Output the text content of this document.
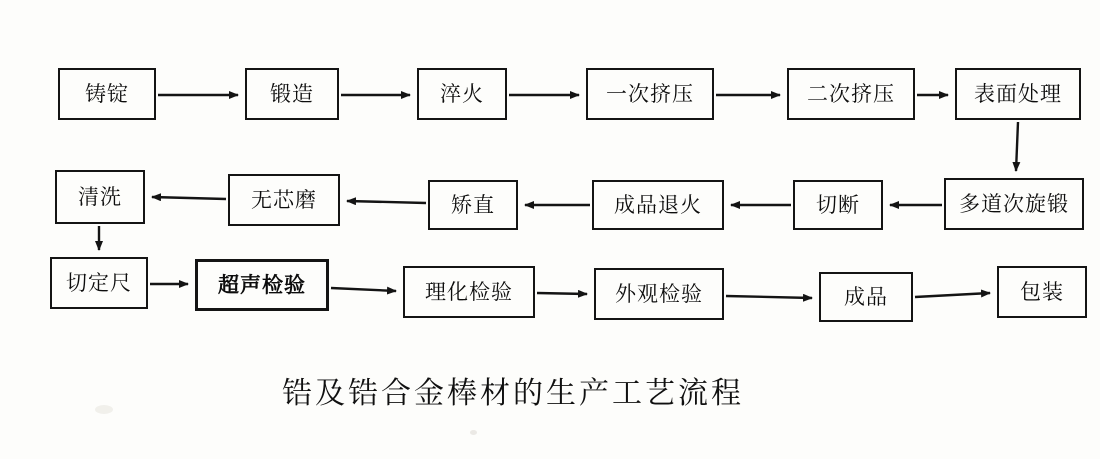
铸锭	锻造	淬火	一次挤压	二次挤压	表面处理
多道次旋锻
切断
成品退火
矫直
无芯磨
清洗
切定尺	超声检验	理化检验	外观检验	成品	包装
锆及锆合金棒材的生产工艺流程
